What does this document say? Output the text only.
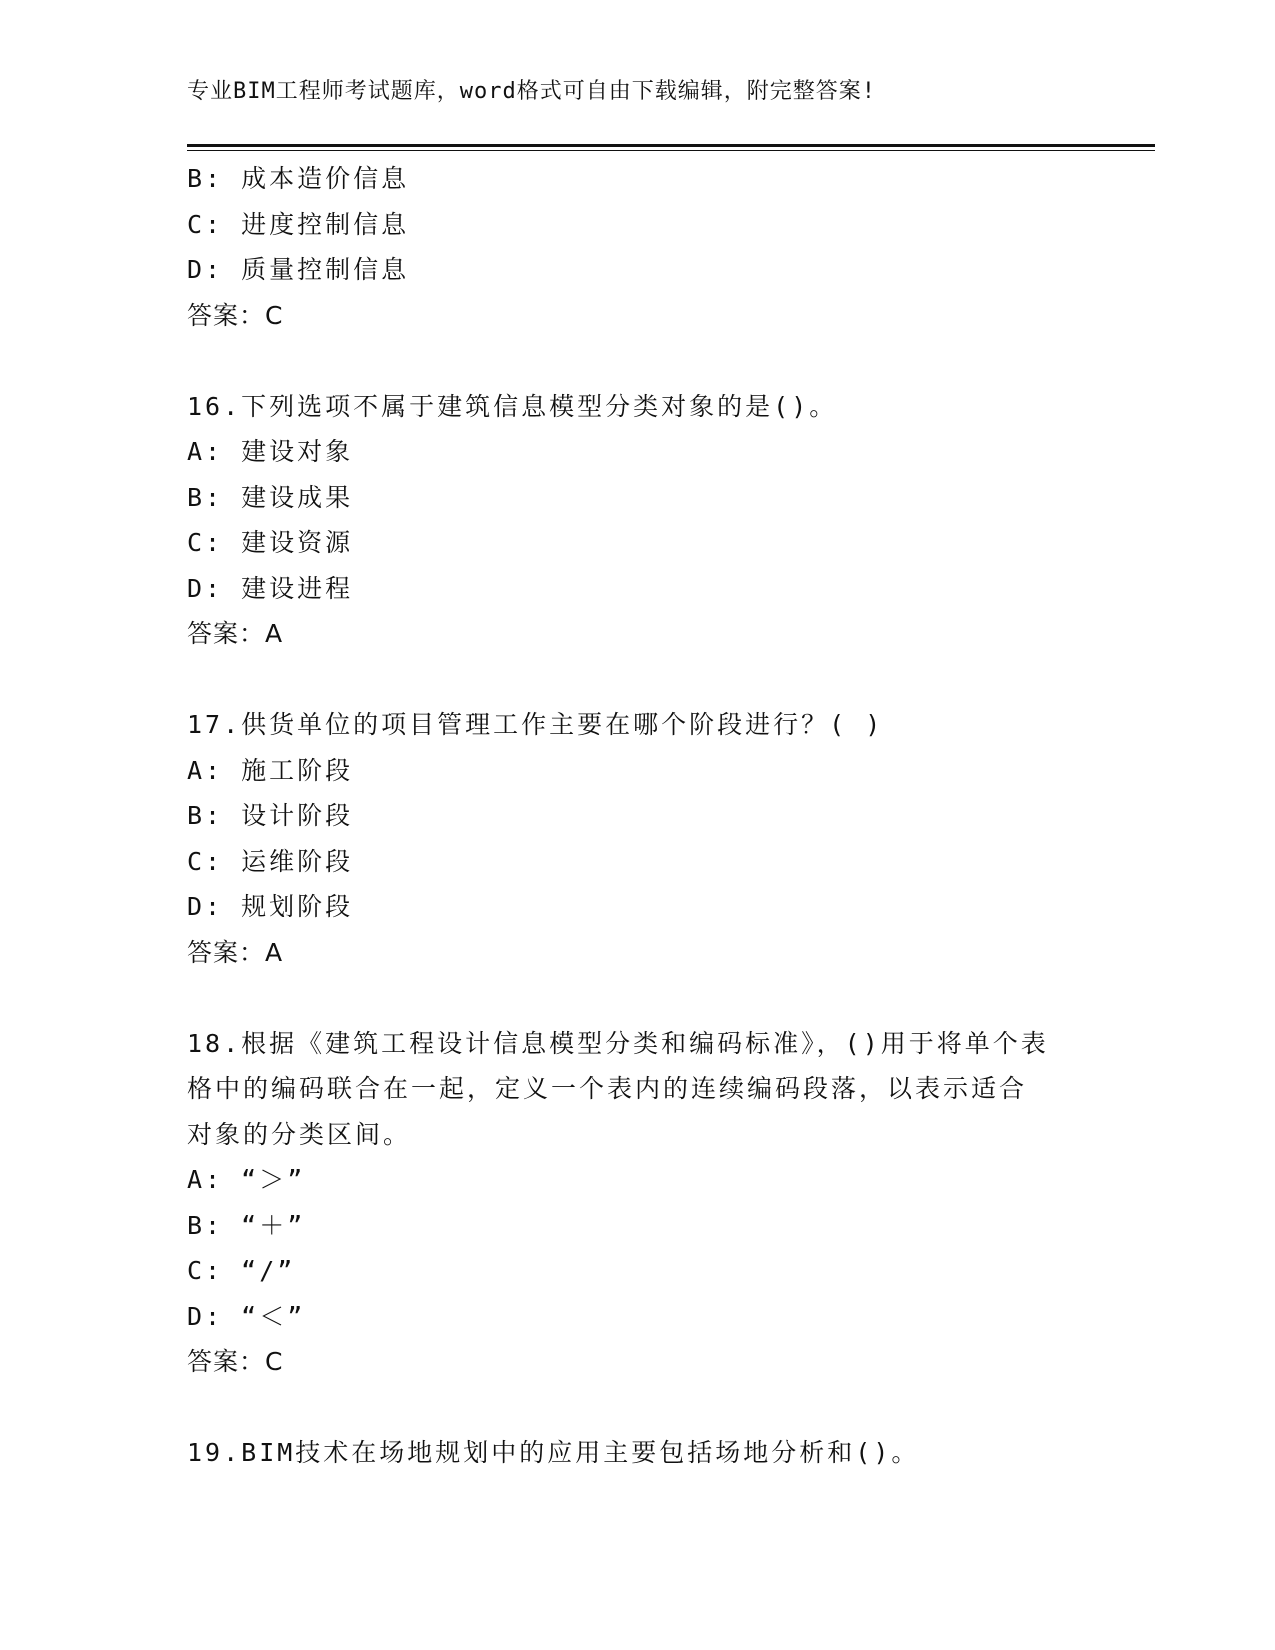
专业BIM工程师考试题库，word格式可自由下载编辑，附完整答案!
B: 成本造价信息
C: 进度控制信息
D: 质量控制信息
答案：C
16.下列选项不属于建筑信息模型分类对象的是()。
A: 建设对象
B: 建设成果
C: 建设资源
D: 建设进程
答案：A
17.供货单位的项目管理工作主要在哪个阶段进行？( )
A: 施工阶段
B: 设计阶段
C: 运维阶段
D: 规划阶段
答案：A
18.根据《建筑工程设计信息模型分类和编码标准》，()用于将单个表
格中的编码联合在一起，定义一个表内的连续编码段落，以表示适合
对象的分类区间。
A: “＞”
B: “＋”
C: “/”
D: “＜”
答案：C
19.BIM技术在场地规划中的应用主要包括场地分析和()。
